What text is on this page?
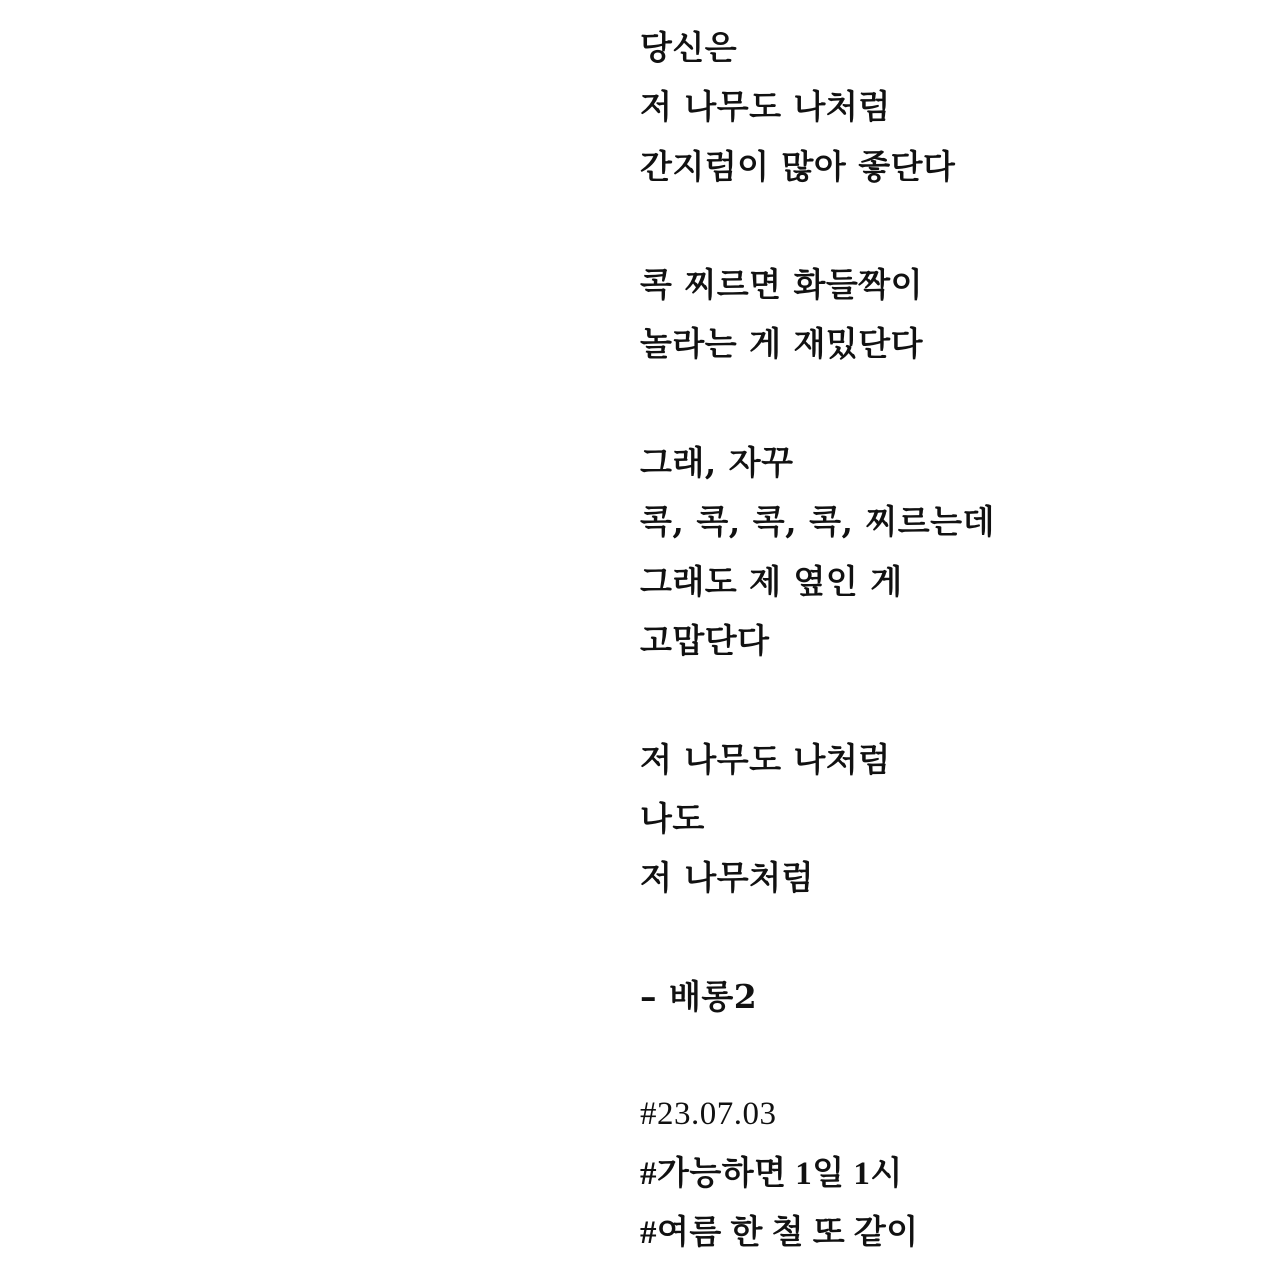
당신은
저 나무도 나처럼
간지럼이 많아 좋단다
콕 찌르면 화들짝이
놀라는 게 재밌단다
그래, 자꾸
콕, 콕, 콕, 콕, 찌르는데
그래도 제 옆인 게
고맙단다
저 나무도 나처럼
나도
저 나무처럼
– 배롱2
#23.07.03
#가능하면 1일 1시
#여름 한 철 또 같이
